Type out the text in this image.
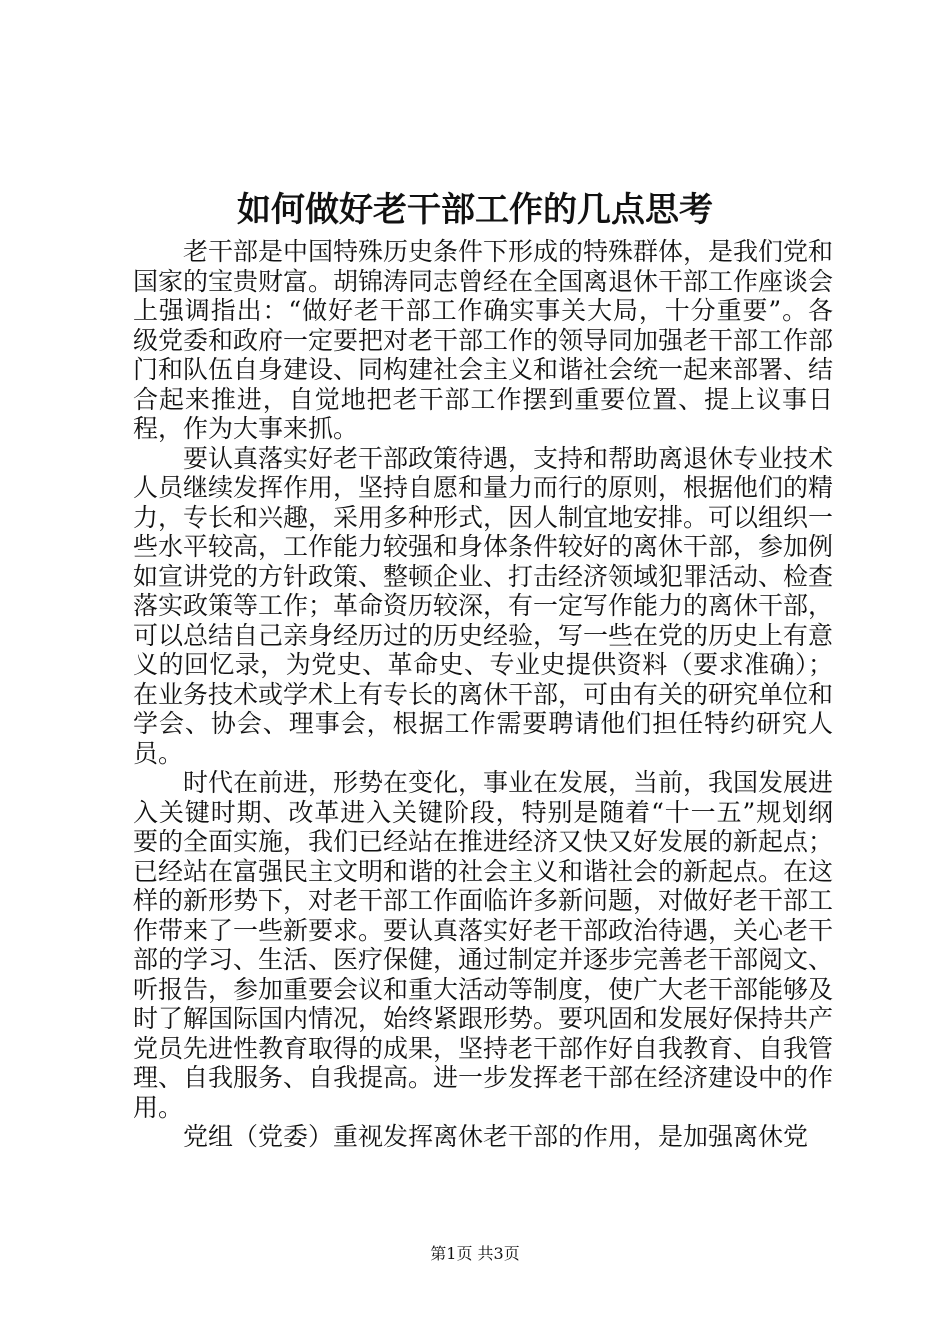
如何做好老干部工作的几点思考

老干部是中国特殊历史条件下形成的特殊群体，是我们党和国家的宝贵财富。胡锦涛同志曾经在全国离退休干部工作座谈会上强调指出：“做好老干部工作确实事关大局，十分重要”。各级党委和政府一定要把对老干部工作的领导同加强老干部工作部门和队伍自身建设、同构建社会主义和谐社会统一起来部署、结合起来推进，自觉地把老干部工作摆到重要位置、提上议事日程，作为大事来抓。

要认真落实好老干部政策待遇，支持和帮助离退休专业技术人员继续发挥作用，坚持自愿和量力而行的原则，根据他们的精力，专长和兴趣，采用多种形式，因人制宜地安排。可以组织一些水平较高，工作能力较强和身体条件较好的离休干部，参加例如宣讲党的方针政策、整顿企业、打击经济领域犯罪活动、检查落实政策等工作；革命资历较深，有一定写作能力的离休干部，可以总结自己亲身经历过的历史经验，写一些在党的历史上有意义的回忆录，为党史、革命史、专业史提供资料（要求准确）；在业务技术或学术上有专长的离休干部，可由有关的研究单位和学会、协会、理事会，根据工作需要聘请他们担任特约研究人员。

时代在前进，形势在变化，事业在发展，当前，我国发展进入关键时期、改革进入关键阶段，特别是随着“十一五”规划纲要的全面实施，我们已经站在推进经济又快又好发展的新起点；已经站在富强民主文明和谐的社会主义和谐社会的新起点。在这样的新形势下，对老干部工作面临许多新问题，对做好老干部工作带来了一些新要求。要认真落实好老干部政治待遇，关心老干部的学习、生活、医疗保健，通过制定并逐步完善老干部阅文、听报告，参加重要会议和重大活动等制度，使广大老干部能够及时了解国际国内情况，始终紧跟形势。要巩固和发展好保持共产党员先进性教育取得的成果，坚持老干部作好自我教育、自我管理、自我服务、自我提高。进一步发挥老干部在经济建设中的作用。

党组（党委）重视发挥离休老干部的作用，是加强离休党

第1页 共3页
